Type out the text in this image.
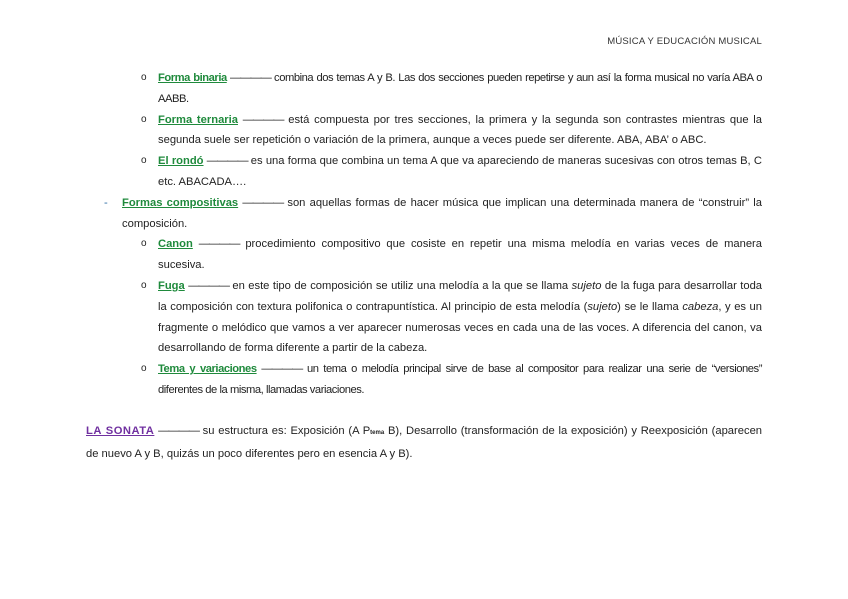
MÚSICA Y EDUCACIÓN MUSICAL
o Forma binaria ———— combina dos temas A y B. Las dos secciones pueden repetirse y aun así la forma musical no varía ABA o AABB.
o Forma ternaria ———— está compuesta por tres secciones, la primera y la segunda son contrastes mientras que la segunda suele ser repetición o variación de la primera, aunque a veces puede ser diferente. ABA, ABA’ o ABC.
o El rondó ———— es una forma que combina un tema A que va apareciendo de maneras sucesivas con otros temas B, C etc. ABACADA….
- Formas compositivas ———— son aquellas formas de hacer música que implican una determinada manera de “construir” la composición.
o Canon ———— procedimiento compositivo que cosiste en repetir una misma melodía en varias veces de manera sucesiva.
o Fuga ———— en este tipo de composición se utiliz una melodía a la que se llama sujeto de la fuga para desarrollar toda la composición con textura polifonica o contrapuntística. Al principio de esta melodía (sujeto) se le llama cabeza, y es un fragmente o melódico que vamos a ver aparecer numerosas veces en cada una de las voces. A diferencia del canon, va desarrollando de forma diferente a partir de la cabeza.
o Tema y variaciones ———— un tema o melodía principal sirve de base al compositor para realizar una serie de “versiones” diferentes de la misma, llamadas variaciones.
LA SONATA ———— su estructura es: Exposición (A Ptema B), Desarrollo (transformación de la exposición) y Reexposición (aparecen de nuevo A y B, quizás un poco diferentes pero en esencia A y B).
